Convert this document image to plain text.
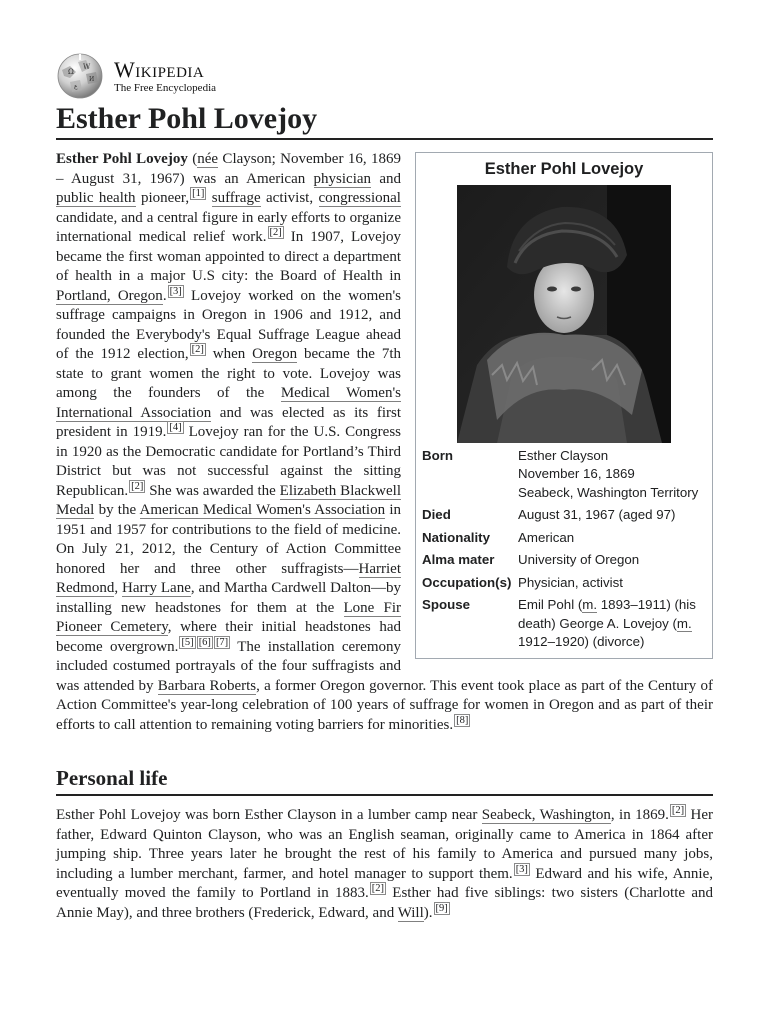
Ω
W
И
ع
Wikipedia
The Free Encyclopedia
Esther Pohl Lovejoy
Esther Pohl Lovejoy
Born	Esther Clayson
November 16, 1869
Seabeck, Washington Territory
Died	August 31, 1967 (aged 97)
Nationality	American
Alma mater	University of Oregon
Occupation(s) Physician, activist
Spouse	Emil Pohl (m. 1893–1911) (his death) George A. Lovejoy (m. 1912–1920) (divorce)
Esther Pohl Lovejoy (née Clayson; November 16, 1869 – August 31, 1967) was an American physician and public health pioneer, [1] suffrage activist, congressional candidate, and a central figure in early efforts to organize international medical relief work. [2] In 1907, Lovejoy became the first woman appointed to direct a department of health in a major U.S city: the Board of Health in Portland, Oregon. [3] Lovejoy worked on the women's suffrage campaigns in Oregon in 1906 and 1912, and founded the Everybody's Equal Suffrage League ahead of the 1912 election, [2] when Oregon became the 7th state to grant women the right to vote. Lovejoy was among the founders of the Medical Women's International Association and was elected as its first president in 1919. [4] Lovejoy ran for the U.S. Congress in 1920 as the Democratic candidate for Portland’s Third District but was not successful against the sitting Republican. [2] She was awarded the Elizabeth Blackwell Medal by the American Medical Women's Association in 1951 and 1957 for contributions to the field of medicine. On July 21, 2012, the Century of Action Committee honored her and three other suffragists—Harriet Redmond, Harry Lane, and Martha Cardwell Dalton—by installing new headstones for them at the Lone Fir Pioneer Cemetery, where their initial headstones had become overgrown. [5] [6] [7] The installation ceremony included costumed portrayals of the four suffragists and was attended by Barbara Roberts, a former Oregon governor. This event took place as part of the Century of Action Committee's year-long celebration of 100 years of suffrage for women in Oregon and as part of their efforts to call attention to remaining voting barriers for minorities. [8]
Personal life

Esther Pohl Lovejoy was born Esther Clayson in a lumber camp near Seabeck, Washington, in 1869. [2] Her father, Edward Quinton Clayson, who was an English seaman, originally came to America in 1864 after jumping ship. Three years later he brought the rest of his family to America and pursued many jobs, including a lumber merchant, farmer, and hotel manager to support them. [3] Edward and his wife, Annie, eventually moved the family to Portland in 1883. [2] Esther had five siblings: two sisters (Charlotte and Annie May), and three brothers (Frederick, Edward, and Will). [9]
